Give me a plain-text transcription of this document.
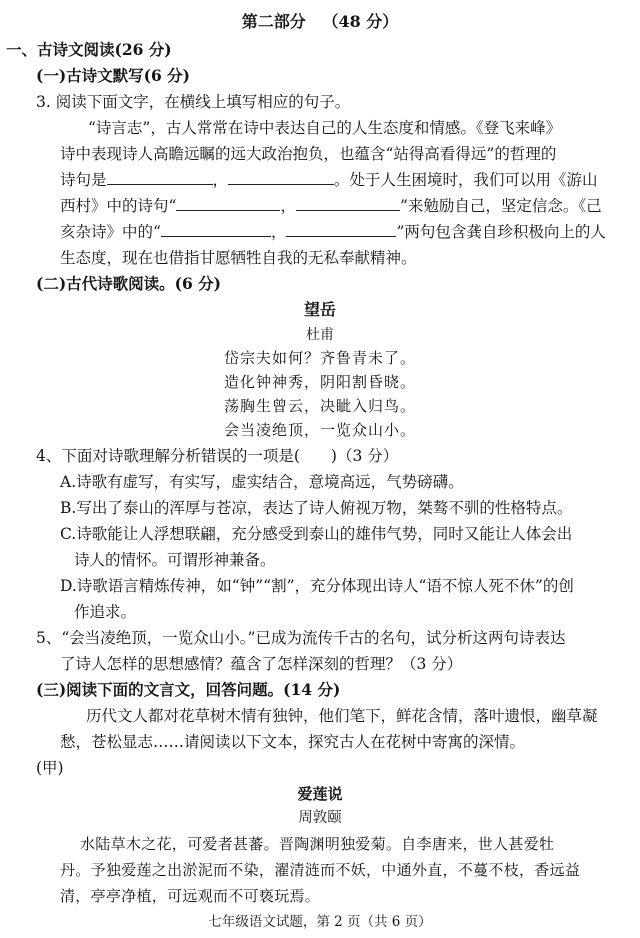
第二部分 （48 分）
一、古诗文阅读(26 分)
(一)古诗文默写(6 分)
3. 阅读下面文字，在横线上填写相应的句子。
“诗言志”，古人常常在诗中表达自己的人生态度和情感。《登飞来峰》
诗中表现诗人高瞻远瞩的远大政治抱负，也蕴含“站得高看得远”的哲理的
诗句是	，	。处于人生困境时，我们可以用《游山
西村》中的诗句“	，	”来勉励自己，坚定信念。《己
亥杂诗》中的“	，	”两句包含龚自珍积极向上的人
生态度，现在也借指甘愿牺牲自我的无私奉献精神。
(二)古代诗歌阅读。(6 分)
望岳
杜甫
岱宗夫如何？齐鲁青未了。
造化钟神秀，阴阳割昏晓。
荡胸生曾云，决眦入归鸟。
会当凌绝顶，一览众山小。
4、下面对诗歌理解分析错误的一项是(　　)（3 分）
A.诗歌有虚写，有实写，虚实结合，意境高远，气势磅礴。
B.写出了泰山的浑厚与苍凉，表达了诗人俯视万物，桀骜不驯的性格特点。
C.诗歌能让人浮想联翩，充分感受到泰山的雄伟气势，同时又能让人体会出
诗人的情怀。可谓形神兼备。
D.诗歌语言精炼传神，如“钟”“割”，充分体现出诗人“语不惊人死不休”的创
作追求。
5、“会当凌绝顶，一览众山小。”已成为流传千古的名句，试分析这两句诗表达
了诗人怎样的思想感情？蕴含了怎样深刻的哲理？（3 分）
(三)阅读下面的文言文，回答问题。(14 分)
历代文人都对花草树木情有独钟，他们笔下，鲜花含情，落叶遗恨，幽草凝
愁，苍松显志……请阅读以下文本，探究古人在花树中寄寓的深情。
(甲)
爱莲说
周敦颐
水陆草木之花，可爱者甚蕃。晋陶渊明独爱菊。自李唐来，世人甚爱牡
丹。予独爱莲之出淤泥而不染，濯清涟而不妖，中通外直，不蔓不枝，香远益
清，亭亭净植，可远观而不可亵玩焉。
七年级语文试题，第 2 页（共 6 页）
